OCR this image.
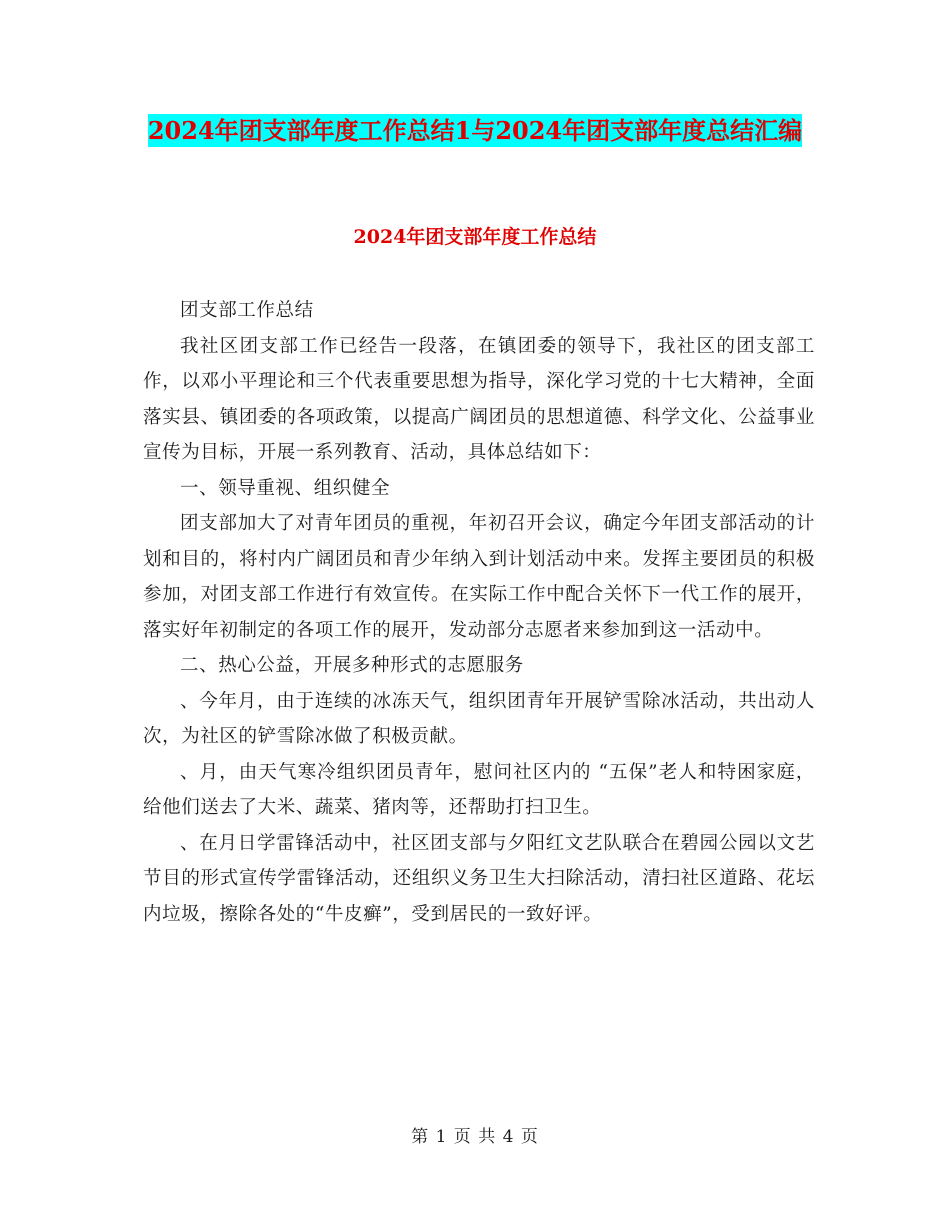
2024年团支部年度工作总结1与2024年团支部年度总结汇编
2024年团支部年度工作总结

团支部工作总结

我社区团支部工作已经告一段落，在镇团委的领导下，我社区的团支部工作，以邓小平理论和三个代表重要思想为指导，深化学习党的十七大精神，全面落实县、镇团委的各项政策，以提高广阔团员的思想道德、科学文化、公益事业宣传为目标，开展一系列教育、活动，具体总结如下：

一、领导重视、组织健全

团支部加大了对青年团员的重视，年初召开会议，确定今年团支部活动的计划和目的，将村内广阔团员和青少年纳入到计划活动中来。发挥主要团员的积极参加，对团支部工作进行有效宣传。在实际工作中配合关怀下一代工作的展开，落实好年初制定的各项工作的展开，发动部分志愿者来参加到这一活动中。

二、热心公益，开展多种形式的志愿服务

、今年月，由于连续的冰冻天气，组织团青年开展铲雪除冰活动，共出动人次，为社区的铲雪除冰做了积极贡献。

、月，由天气寒冷组织团员青年，慰问社区内的 “五保”老人和特困家庭，给他们送去了大米、蔬菜、猪肉等，还帮助打扫卫生。

、在月日学雷锋活动中，社区团支部与夕阳红文艺队联合在碧园公园以文艺节目的形式宣传学雷锋活动，还组织义务卫生大扫除活动，清扫社区道路、花坛内垃圾，擦除各处的“牛皮癣”，受到居民的一致好评。

第 1 页 共 4 页
